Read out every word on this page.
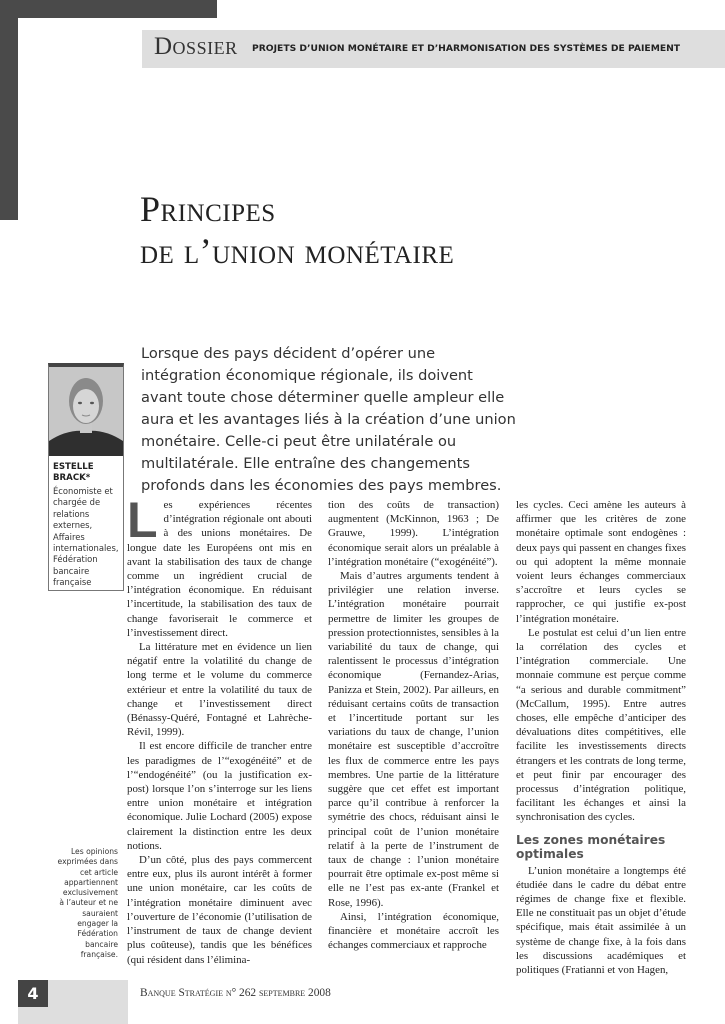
Dossier PROJETS D’UNION MONÉTAIRE ET D’HARMONISATION DES SYSTÈMES DE PAIEMENT
Principes
de l’union monétaire
Lorsque des pays décident d’opérer une intégration économique régionale, ils doivent avant toute chose déterminer quelle ampleur elle aura et les avantages liés à la création d’une union monétaire. Celle-ci peut être unilatérale ou multilatérale. Elle entraîne des changements profonds dans les économies des pays membres.
ESTELLE
BRACK*
Économiste et chargée de relations externes, Affaires internationales, Fédération bancaire française

Les expériences récentes d’intégration régionale ont abouti à des unions monétaires. De longue date les Européens ont mis en avant la stabilisation des taux de change comme un ingrédient crucial de l’intégration économique. En réduisant l’incertitude, la stabilisation des taux de change favoriserait le commerce et l’investissement direct.

La littérature met en évidence un lien négatif entre la volatilité du change de long terme et le volume du commerce extérieur et entre la volatilité du taux de change et l’investissement direct (Bénassy-Quéré, Fontagné et Lahrèche-Révil, 1999).

Il est encore difficile de trancher entre les paradigmes de l’“exogénéité” et de l’“endogénéité” (ou la justification ex-post) lorsque l’on s’interroge sur les liens entre union monétaire et intégration économique. Julie Lochard (2005) expose clairement la distinction entre les deux notions.

D’un côté, plus des pays commercent entre eux, plus ils auront intérêt à former une union monétaire, car les coûts de l’intégration monétaire diminuent avec l’ouverture de l’économie (l’utilisation de l’instrument de taux de change devient plus coûteuse), tandis que les bénéfices (qui résident dans l’élimina-

tion des coûts de transaction) augmentent (McKinnon, 1963 ; De Grauwe, 1999). L’intégration économique serait alors un préalable à l’intégration monétaire (“exogénéité”).

Mais d’autres arguments tendent à privilégier une relation inverse. L’intégration monétaire pourrait permettre de limiter les groupes de pression protectionnistes, sensibles à la variabilité du taux de change, qui ralentissent le processus d’intégration économique (Fernandez-Arias, Panizza et Stein, 2002). Par ailleurs, en réduisant certains coûts de transaction et l’incertitude portant sur les variations du taux de change, l’union monétaire est susceptible d’accroître les flux de commerce entre les pays membres. Une partie de la littérature suggère que cet effet est important parce qu’il contribue à renforcer la symétrie des chocs, réduisant ainsi le principal coût de l’union monétaire relatif à la perte de l’instrument de taux de change : l’union monétaire pourrait être optimale ex-post même si elle ne l’est pas ex-ante (Frankel et Rose, 1996).

Ainsi, l’intégration économique, financière et monétaire accroît les échanges commerciaux et rapproche

les cycles. Ceci amène les auteurs à affirmer que les critères de zone monétaire optimale sont endogènes : deux pays qui passent en changes fixes ou qui adoptent la même monnaie voient leurs échanges commerciaux s’accroître et leurs cycles se rapprocher, ce qui justifie ex-post l’intégration monétaire.

Le postulat est celui d’un lien entre la corrélation des cycles et l’intégration commerciale. Une monnaie commune est perçue comme “a serious and durable commitment” (McCallum, 1995). Entre autres choses, elle empêche d’anticiper des dévaluations dites compétitives, elle facilite les investissements directs étrangers et les contrats de long terme, et peut finir par encourager des processus d’intégration politique, facilitant les échanges et ainsi la synchronisation des cycles.

Les zones monétaires optimales

L’union monétaire a longtemps été étudiée dans le cadre du débat entre régimes de change fixe et flexible. Elle ne constituait pas un objet d’étude spécifique, mais était assimilée à un système de change fixe, à la fois dans les discussions académiques et politiques (Fratianni et von Hagen,

Les opinions exprimées dans cet article appartiennent exclusivement à l’auteur et ne sauraient engager la Fédération bancaire française.
4	Banque Stratégie n° 262 septembre 2008
